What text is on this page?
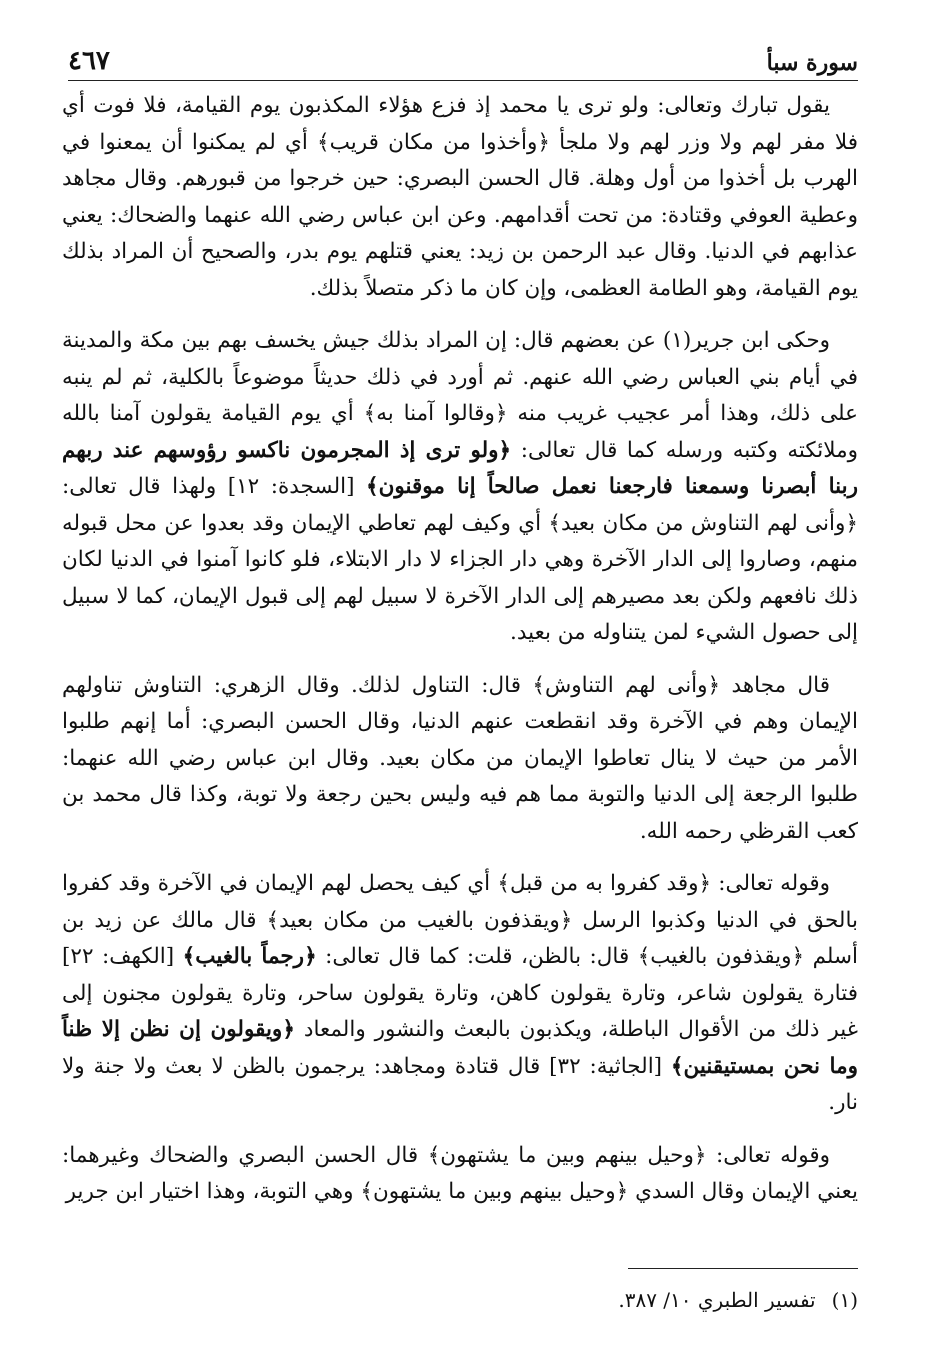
سورة سبأ
٤٦٧

يقول تبارك وتعالى: ولو ترى يا محمد إذ فزع هؤلاء المكذبون يوم القيامة، فلا فوت أي فلا مفر لهم ولا وزر لهم ولا ملجأ ﴿وأخذوا من مكان قريب﴾ أي لم يمكنوا أن يمعنوا في الهرب بل أخذوا من أول وهلة. قال الحسن البصري: حين خرجوا من قبورهم. وقال مجاهد وعطية العوفي وقتادة: من تحت أقدامهم. وعن ابن عباس رضي الله عنهما والضحاك: يعني عذابهم في الدنيا. وقال عبد الرحمن بن زيد: يعني قتلهم يوم بدر، والصحيح أن المراد بذلك يوم القيامة، وهو الطامة العظمى، وإن كان ما ذكر متصلاً بذلك.

وحكى ابن جرير(١) عن بعضهم قال: إن المراد بذلك جيش يخسف بهم بين مكة والمدينة في أيام بني العباس رضي الله عنهم. ثم أورد في ذلك حديثاً موضوعاً بالكلية، ثم لم ينبه على ذلك، وهذا أمر عجيب غريب منه ﴿وقالوا آمنا به﴾ أي يوم القيامة يقولون آمنا بالله وملائكته وكتبه ورسله كما قال تعالى: ﴿ولو ترى إذ المجرمون ناكسو رؤوسهم عند ربهم ربنا أبصرنا وسمعنا فارجعنا نعمل صالحاً إنا موقنون﴾ [السجدة: ١٢] ولهذا قال تعالى: ﴿وأنى لهم التناوش من مكان بعيد﴾ أي وكيف لهم تعاطي الإيمان وقد بعدوا عن محل قبوله منهم، وصاروا إلى الدار الآخرة وهي دار الجزاء لا دار الابتلاء، فلو كانوا آمنوا في الدنيا لكان ذلك نافعهم ولكن بعد مصيرهم إلى الدار الآخرة لا سبيل لهم إلى قبول الإيمان، كما لا سبيل إلى حصول الشيء لمن يتناوله من بعيد.

قال مجاهد ﴿وأنى لهم التناوش﴾ قال: التناول لذلك. وقال الزهري: التناوش تناولهم الإيمان وهم في الآخرة وقد انقطعت عنهم الدنيا، وقال الحسن البصري: أما إنهم طلبوا الأمر من حيث لا ينال تعاطوا الإيمان من مكان بعيد. وقال ابن عباس رضي الله عنهما: طلبوا الرجعة إلى الدنيا والتوبة مما هم فيه وليس بحين رجعة ولا توبة، وكذا قال محمد بن كعب القرظي رحمه الله.

وقوله تعالى: ﴿وقد كفروا به من قبل﴾ أي كيف يحصل لهم الإيمان في الآخرة وقد كفروا بالحق في الدنيا وكذبوا الرسل ﴿ويقذفون بالغيب من مكان بعيد﴾ قال مالك عن زيد بن أسلم ﴿ويقذفون بالغيب﴾ قال: بالظن، قلت: كما قال تعالى: ﴿رجماً بالغيب﴾ [الكهف: ٢٢] فتارة يقولون شاعر، وتارة يقولون كاهن، وتارة يقولون ساحر، وتارة يقولون مجنون إلى غير ذلك من الأقوال الباطلة، ويكذبون بالبعث والنشور والمعاد ﴿ويقولون إن نظن إلا ظناً وما نحن بمستيقنين﴾ [الجاثية: ٣٢] قال قتادة ومجاهد: يرجمون بالظن لا بعث ولا جنة ولا نار.

وقوله تعالى: ﴿وحيل بينهم وبين ما يشتهون﴾ قال الحسن البصري والضحاك وغيرهما: يعني الإيمان وقال السدي ﴿وحيل بينهم وبين ما يشتهون﴾ وهي التوبة، وهذا اختيار ابن جرير

(١)
تفسير الطبري ١٠/ ٣٨٧.
